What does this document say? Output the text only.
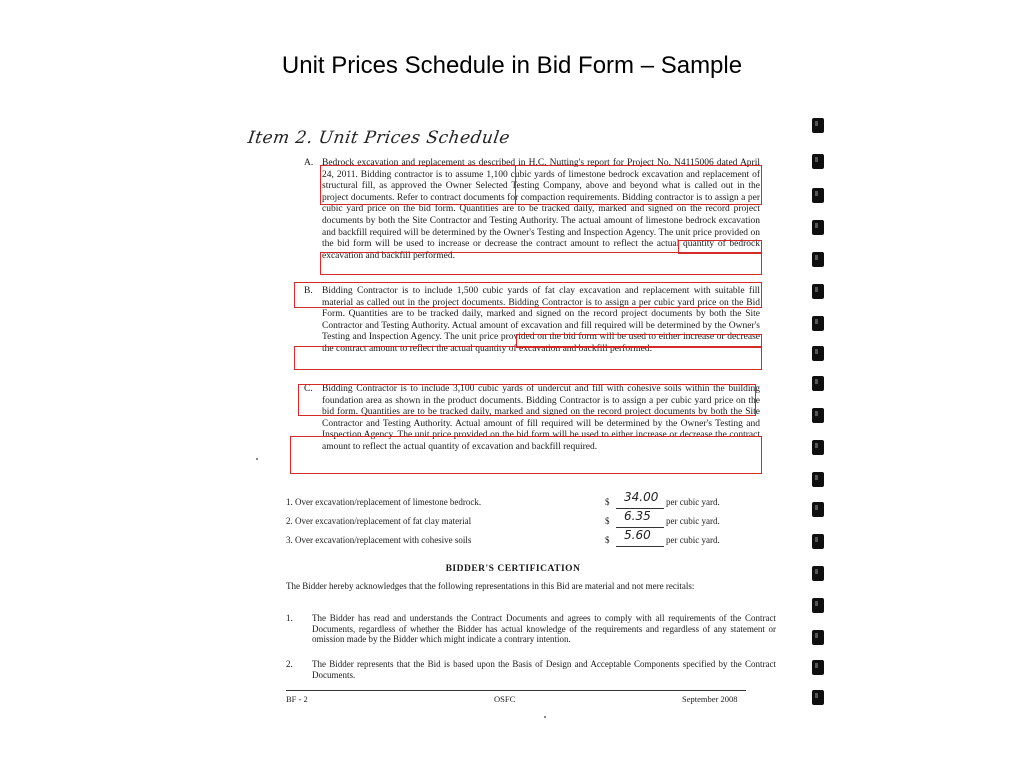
Unit Prices Schedule in Bid Form – Sample
Item 2. Unit Prices Schedule
A. Bedrock excavation and replacement as described in H.C. Nutting's report for Project No. N4115006 dated April 24, 2011. Bidding contractor is to assume 1,100 cubic yards of limestone bedrock excavation and replacement of structural fill, as approved the Owner Selected Testing Company, above and beyond what is called out in the project documents. Refer to contract documents for compaction requirements. Bidding contractor is to assign a per cubic yard price on the bid form. Quantities are to be tracked daily, marked and signed on the record project documents by both the Site Contractor and Testing Authority. The actual amount of limestone bedrock excavation and backfill required will be determined by the Owner's Testing and Inspection Agency. The unit price provided on the bid form will be used to increase or decrease the contract amount to reflect the actual quantity of bedrock excavation and backfill performed.
B. Bidding Contractor is to include 1,500 cubic yards of fat clay excavation and replacement with suitable fill material as called out in the project documents. Bidding Contractor is to assign a per cubic yard price on the Bid Form. Quantities are to be tracked daily, marked and signed on the record project documents by both the Site Contractor and Testing Authority. Actual amount of excavation and fill required will be determined by the Owner's Testing and Inspection Agency. The unit price provided on the bid form will be used to either increase or decrease the contract amount to reflect the actual quantity of excavation and backfill performed.
C. Bidding Contractor is to include 3,100 cubic yards of undercut and fill with cohesive soils within the building foundation area as shown in the product documents. Bidding Contractor is to assign a per cubic yard price on the bid form. Quantities are to be tracked daily, marked and signed on the record project documents by both the Site Contractor and Testing Authority. Actual amount of fill required will be determined by the Owner's Testing and Inspection Agency. The unit price provided on the bid form will be used to either increase or decrease the contract amount to reflect the actual quantity of excavation and backfill required.
1. Over excavation/replacement of limestone bedrock.	$ 34.00 per cubic yard.
2. Over excavation/replacement of fat clay material	$ 6.35 per cubic yard.
3. Over excavation/replacement with cohesive soils	$ 5.60 per cubic yard.
BIDDER'S CERTIFICATION
The Bidder hereby acknowledges that the following representations in this Bid are material and not mere recitals:
1. The Bidder has read and understands the Contract Documents and agrees to comply with all requirements of the Contract Documents, regardless of whether the Bidder has actual knowledge of the requirements and regardless of any statement or omission made by the Bidder which might indicate a contrary intention.
2. The Bidder represents that the Bid is based upon the Basis of Design and Acceptable Components specified by the Contract Documents.
BF - 2	OSFC	September 2008
